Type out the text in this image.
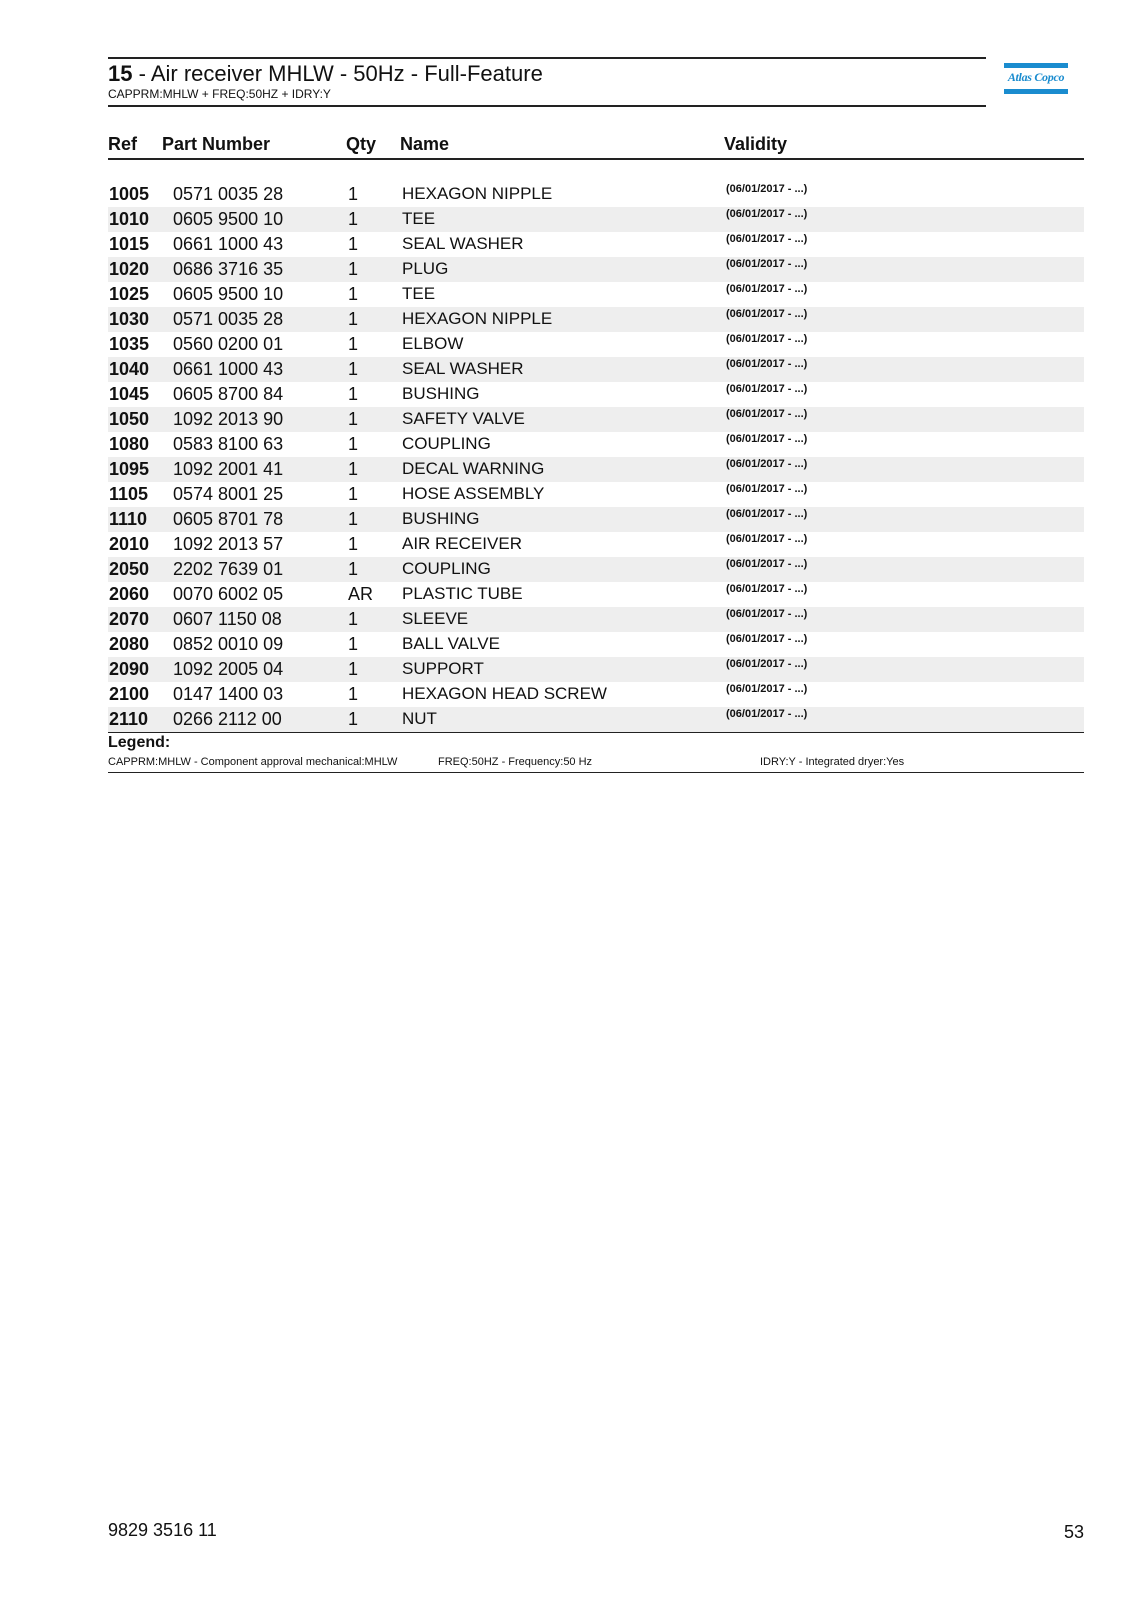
15 - Air receiver MHLW - 50Hz - Full-Feature
CAPPRM:MHLW + FREQ:50HZ + IDRY:Y
Atlas Copco
Ref Part Number	Qty Name	Validity
1005 0571 0035 28	1	HEXAGON NIPPLE	(06/01/2017 - ...)
1010 0605 9500 10	1	TEE	(06/01/2017 - ...)
1015 0661 1000 43	1	SEAL WASHER	(06/01/2017 - ...)
1020 0686 3716 35	1	PLUG	(06/01/2017 - ...)
1025 0605 9500 10	1	TEE	(06/01/2017 - ...)
1030 0571 0035 28	1	HEXAGON NIPPLE	(06/01/2017 - ...)
1035 0560 0200 01	1	ELBOW	(06/01/2017 - ...)
1040 0661 1000 43	1	SEAL WASHER	(06/01/2017 - ...)
1045 0605 8700 84	1	BUSHING	(06/01/2017 - ...)
1050 1092 2013 90	1	SAFETY VALVE	(06/01/2017 - ...)
1080 0583 8100 63	1	COUPLING	(06/01/2017 - ...)
1095 1092 2001 41	1	DECAL WARNING	(06/01/2017 - ...)
1105 0574 8001 25	1	HOSE ASSEMBLY	(06/01/2017 - ...)
1110 0605 8701 78	1	BUSHING	(06/01/2017 - ...)
2010 1092 2013 57	1	AIR RECEIVER	(06/01/2017 - ...)
2050 2202 7639 01	1	COUPLING	(06/01/2017 - ...)
2060 0070 6002 05	AR PLASTIC TUBE	(06/01/2017 - ...)
2070 0607 1150 08	1	SLEEVE	(06/01/2017 - ...)
2080 0852 0010 09	1	BALL VALVE	(06/01/2017 - ...)
2090 1092 2005 04	1	SUPPORT	(06/01/2017 - ...)
2100 0147 1400 03	1	HEXAGON HEAD SCREW	(06/01/2017 - ...)
2110 0266 2112 00	1	NUT	(06/01/2017 - ...)
Legend:
CAPPRM:MHLW - Component approval mechanical:MHLW	FREQ:50HZ - Frequency:50 Hz	IDRY:Y - Integrated dryer:Yes
9829 3516 11	53
